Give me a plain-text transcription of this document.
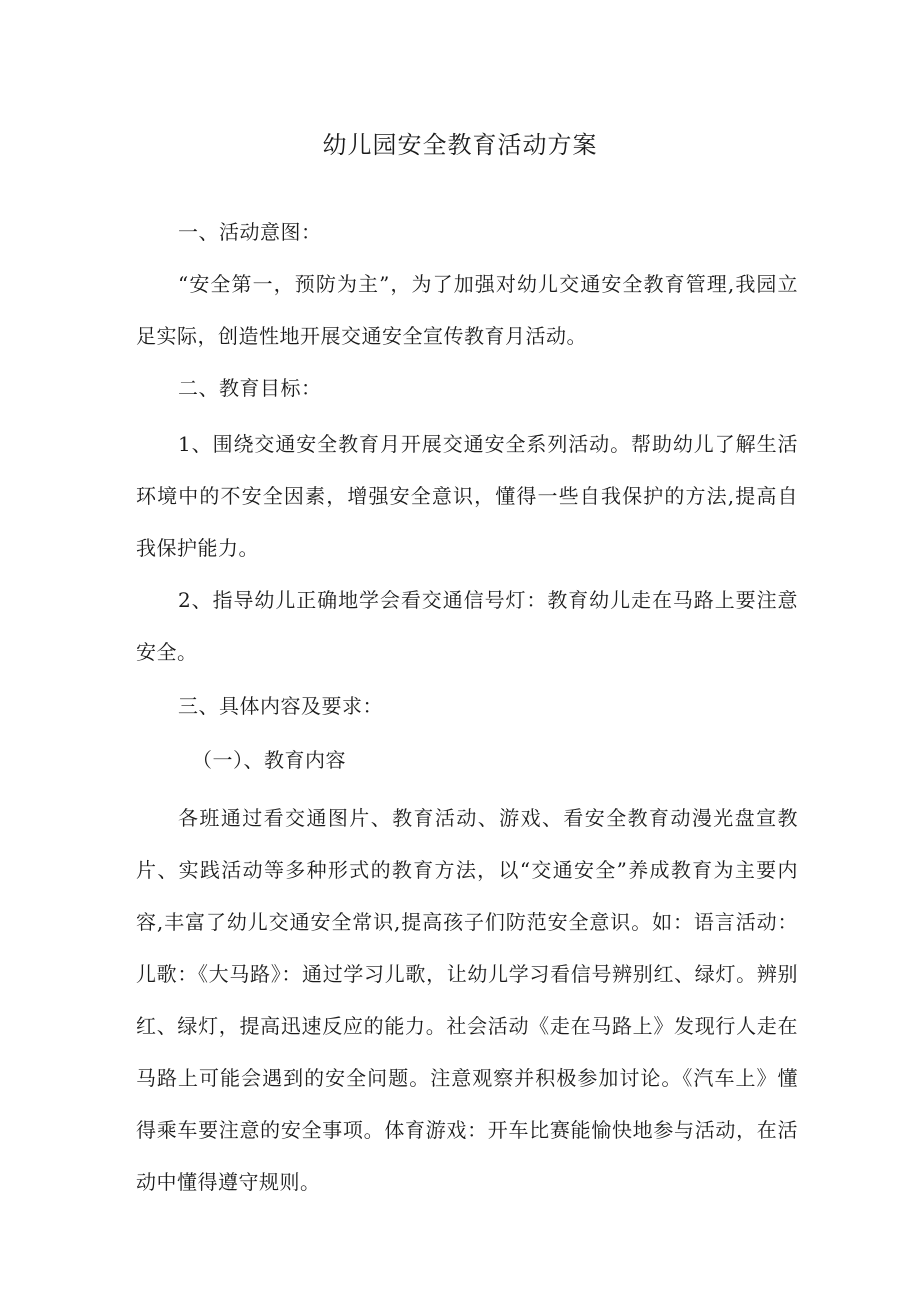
幼儿园安全教育活动方案
一、活动意图：
“安全第一，预防为主”，为了加强对幼儿交通安全教育管理,我园立足实际，创造性地开展交通安全宣传教育月活动。
二、教育目标：
1、围绕交通安全教育月开展交通安全系列活动。帮助幼儿了解生活环境中的不安全因素，增强安全意识，懂得一些自我保护的方法,提高自我保护能力。
2、指导幼儿正确地学会看交通信号灯：教育幼儿走在马路上要注意安全。
三、具体内容及要求：
（一）、教育内容
各班通过看交通图片、教育活动、游戏、看安全教育动漫光盘宣教片、实践活动等多种形式的教育方法，以“交通安全”养成教育为主要内容,丰富了幼儿交通安全常识,提高孩子们防范安全意识。如：语言活动：儿歌：《大马路》：通过学习儿歌，让幼儿学习看信号辨别红、绿灯。辨别红、绿灯，提高迅速反应的能力。社会活动《走在马路上》发现行人走在马路上可能会遇到的安全问题。注意观察并积极参加讨论。《汽车上》懂得乘车要注意的安全事项。体育游戏：开车比赛能愉快地参与活动，在活动中懂得遵守规则。
